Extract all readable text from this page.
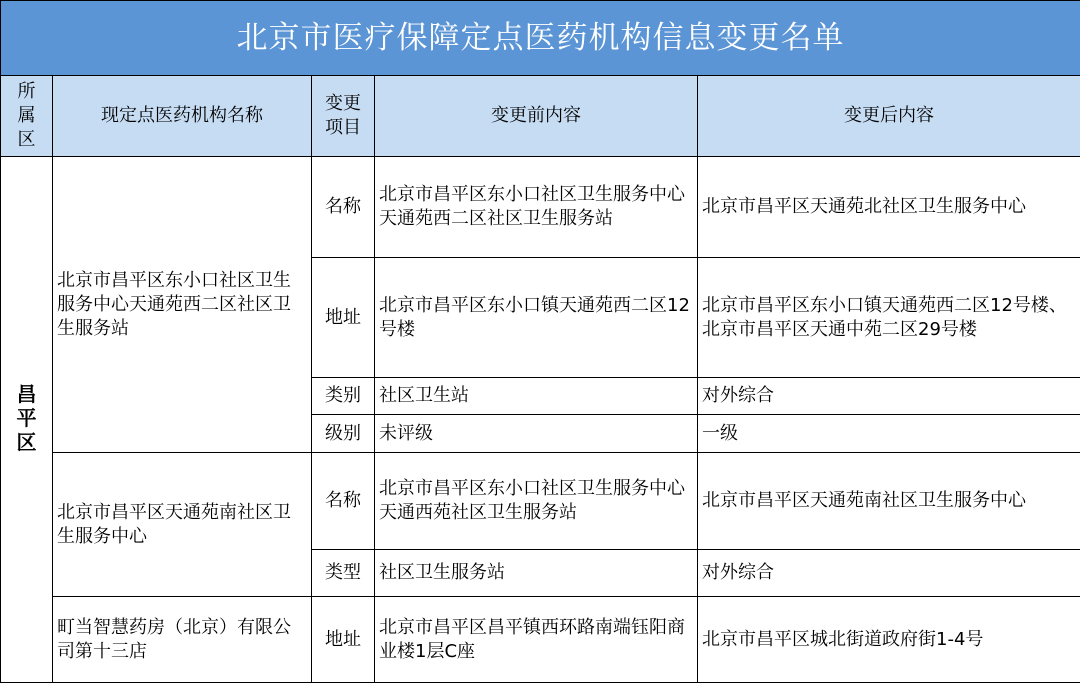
北京市医疗保障定点医药机构信息变更名单				
所属区	现定点医药机构名称	变更项目	变更前内容	变更后内容
昌平区	北京市昌平区东小口社区卫生服务中心天通苑西二区社区卫生服务站	名称	北京市昌平区东小口社区卫生服务中心天通苑西二区社区卫生服务站	北京市昌平区天通苑北社区卫生服务中心
		地址	北京市昌平区东小口镇天通苑西二区12号楼	北京市昌平区东小口镇天通苑西二区12号楼、北京市昌平区天通中苑二区29号楼
		类别	社区卫生站	对外综合
		级别	未评级	一级
	北京市昌平区天通苑南社区卫生服务中心	名称	北京市昌平区东小口社区卫生服务中心天通西苑社区卫生服务站	北京市昌平区天通苑南社区卫生服务中心
		类型	社区卫生服务站	对外综合
	町当智慧药房（北京）有限公司第十三店	地址	北京市昌平区昌平镇西环路南端钰阳商业楼1层C座	北京市昌平区城北街道政府街1-4号
